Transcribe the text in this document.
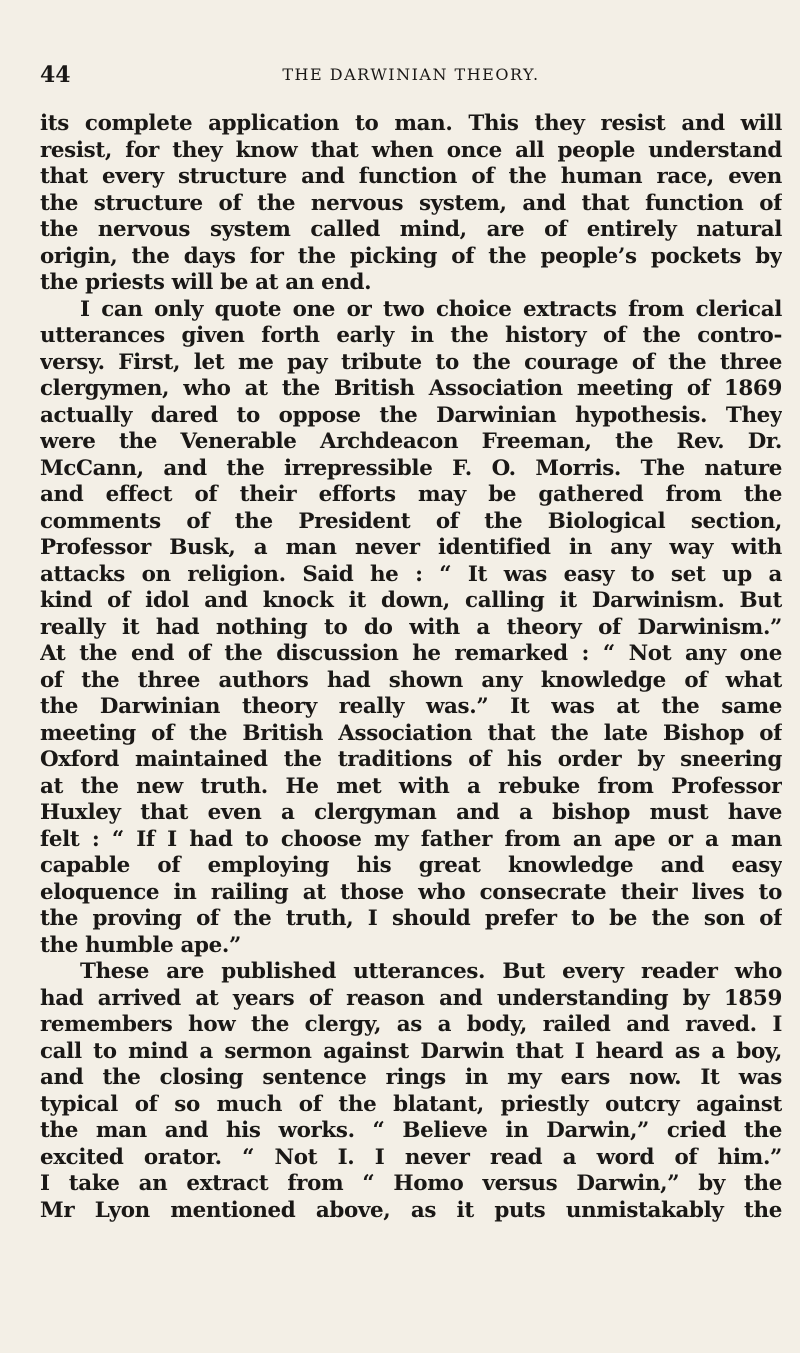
44	THE DARWINIAN THEORY.
its complete application to man. This they resist and will
resist, for they know that when once all people understand
that every structure and function of the human race, even
the structure of the nervous system, and that function of
the nervous system called mind, are of entirely natural
origin, the days for the picking of the people’s pockets by
the priests will be at an end.
I can only quote one or two choice extracts from clerical
utterances given forth early in the history of the contro-
versy. First, let me pay tribute to the courage of the three
clergymen, who at the British Association meeting of 1869
actually dared to oppose the Darwinian hypothesis. They
were the Venerable Archdeacon Freeman, the Rev. Dr.
McCann, and the irrepressible F. O. Morris. The nature
and effect of their efforts may be gathered from the
comments of the President of the Biological section,
Professor Busk, a man never identified in any way with
attacks on religion. Said he : “ It was easy to set up a
kind of idol and knock it down, calling it Darwinism. But
really it had nothing to do with a theory of Darwinism.”
At the end of the discussion he remarked : “ Not any one
of the three authors had shown any knowledge of what
the Darwinian theory really was.” It was at the same
meeting of the British Association that the late Bishop of
Oxford maintained the traditions of his order by sneering
at the new truth. He met with a rebuke from Professor
Huxley that even a clergyman and a bishop must have
felt : “ If I had to choose my father from an ape or a man
capable of employing his great knowledge and easy
eloquence in railing at those who consecrate their lives to
the proving of the truth, I should prefer to be the son of
the humble ape.”
These are published utterances. But every reader who
had arrived at years of reason and understanding by 1859
remembers how the clergy, as a body, railed and raved. I
call to mind a sermon against Darwin that I heard as a boy,
and the closing sentence rings in my ears now. It was
typical of so much of the blatant, priestly outcry against
the man and his works. “ Believe in Darwin,” cried the
excited orator. “ Not I. I never read a word of him.”
I take an extract from “ Homo versus Darwin,” by the
Mr Lyon mentioned above, as it puts unmistakably the
